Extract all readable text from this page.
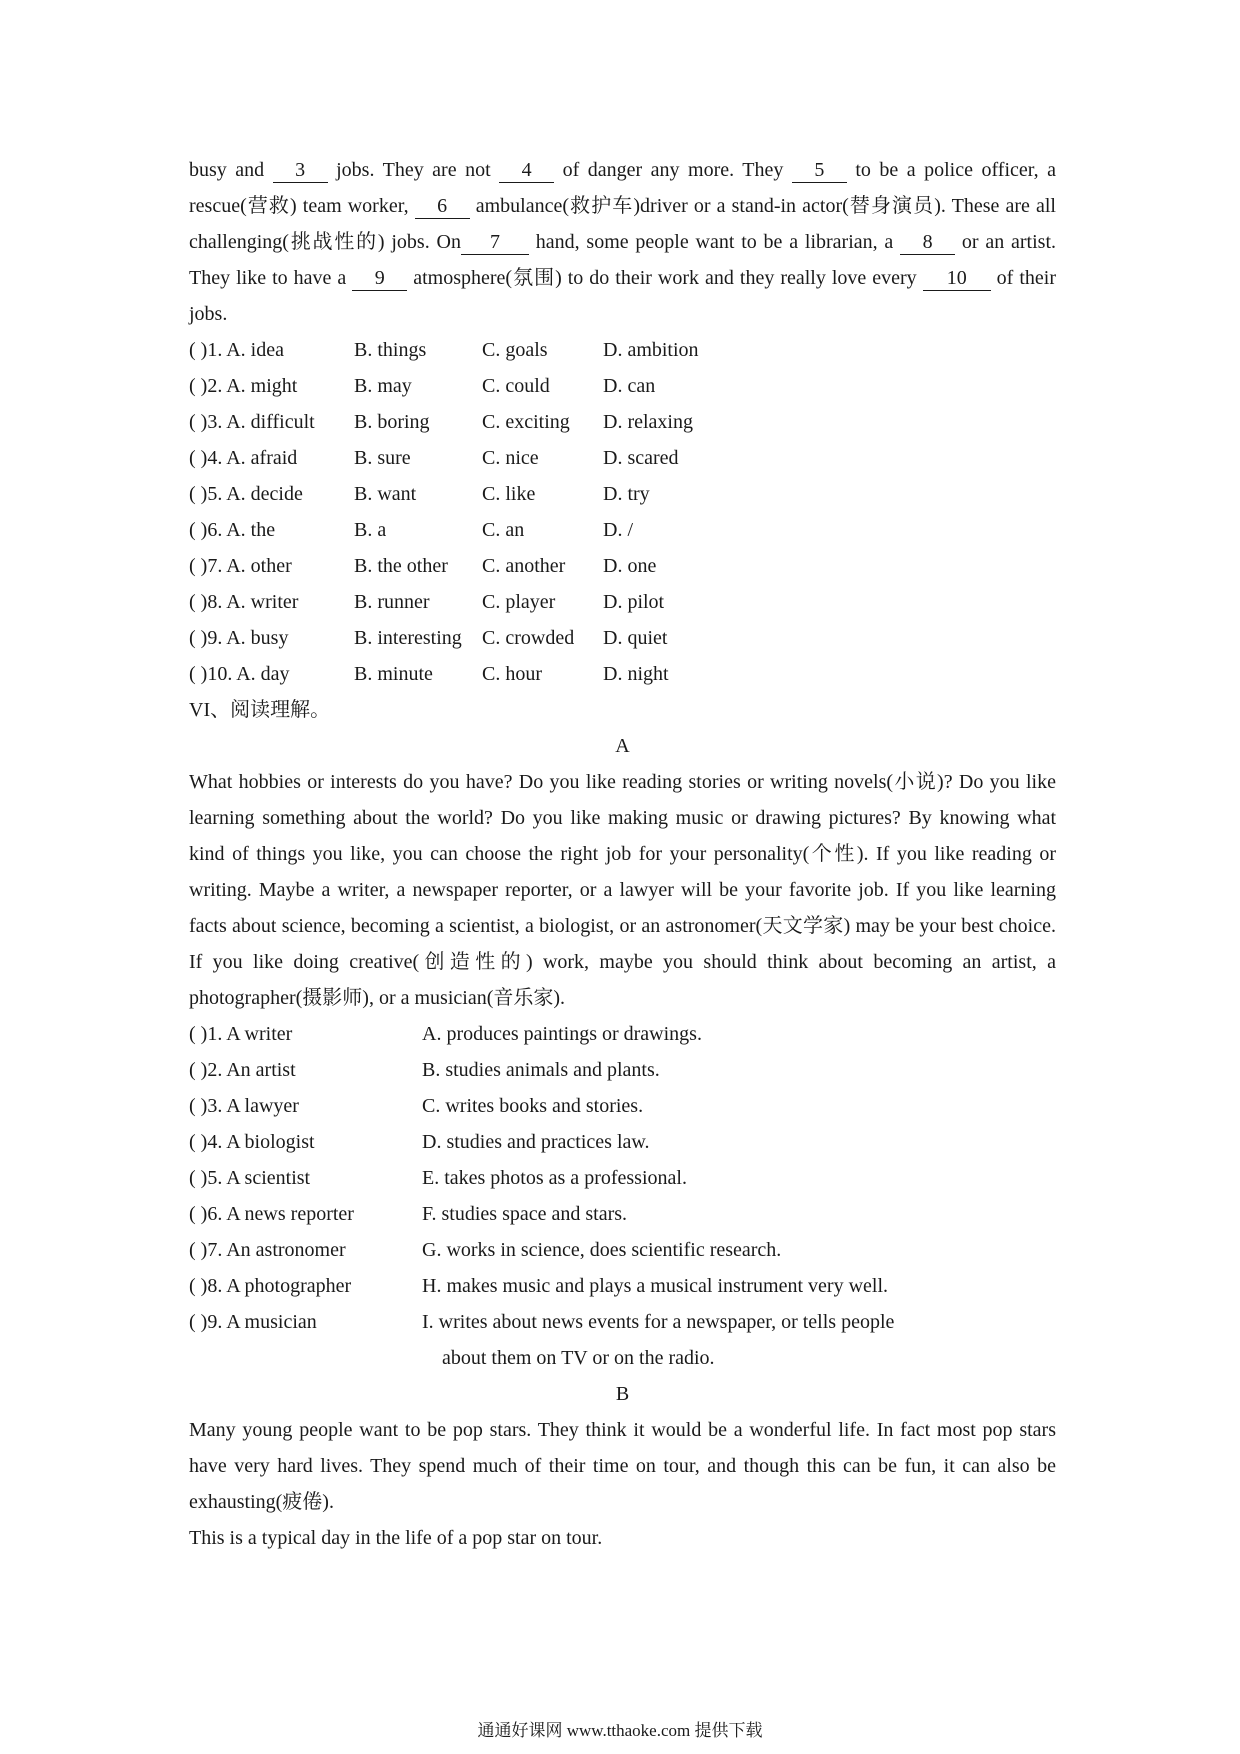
busy and 3 jobs. They are not 4 of danger any more. They 5 to be a police officer, a rescue(营救) team worker, 6 ambulance(救护车)driver or a stand-in actor(替身演员). These are all challenging(挑战性的) jobs. On 7 hand, some people want to be a librarian, a 8 or an artist. They like to have a 9 atmosphere(氛围) to do their work and they really love every 10 of their jobs.

( )1. A. idea	B. things	C. goals	D. ambition
( )2. A. might	B. may	C. could	D. can
( )3. A. difficult B. boring	C. exciting D. relaxing
( )4. A. afraid	B. sure	C. nice	D. scared
( )5. A. decide	B. want	C. like	D. try
( )6. A. the	B. a	C. an	D. /
( )7. A. other	B. the other C. another D. one
( )8. A. writer	B. runner	C. player D. pilot
( )9. A. busy	B. interesting C. crowded D. quiet
( )10. A. day	B. minute C. hour	D. night
VI、阅读理解。
A

What hobbies or interests do you have? Do you like reading stories or writing novels(小说)? Do you like learning something about the world? Do you like making music or drawing pictures? By knowing what kind of things you like, you can choose the right job for your personality(个性). If you like reading or writing. Maybe a writer, a newspaper reporter, or a lawyer will be your favorite job. If you like learning facts about science, becoming a scientist, a biologist, or an astronomer(天文学家) may be your best choice. If you like doing creative(创造性的) work, maybe you should think about becoming an artist, a photographer(摄影师), or a musician(音乐家).

( )1. A writer	A. produces paintings or drawings.
( )2. An artist	B. studies animals and plants.
( )3. A lawyer	C. writes books and stories.
( )4. A biologist	D. studies and practices law.
( )5. A scientist	E. takes photos as a professional.
( )6. A news reporter	F. studies space and stars.
( )7. An astronomer	G. works in science, does scientific research.
( )8. A photographer	H. makes music and plays a musical instrument very well.
( )9. A musician	I. writes about news events for a newspaper, or tells people
about them on TV or on the radio.
B

Many young people want to be pop stars. They think it would be a wonderful life. In fact most pop stars have very hard lives. They spend much of their time on tour, and though this can be fun, it can also be exhausting(疲倦).

This is a typical day in the life of a pop star on tour.

通通好课网 www.tthaoke.com 提供下载
